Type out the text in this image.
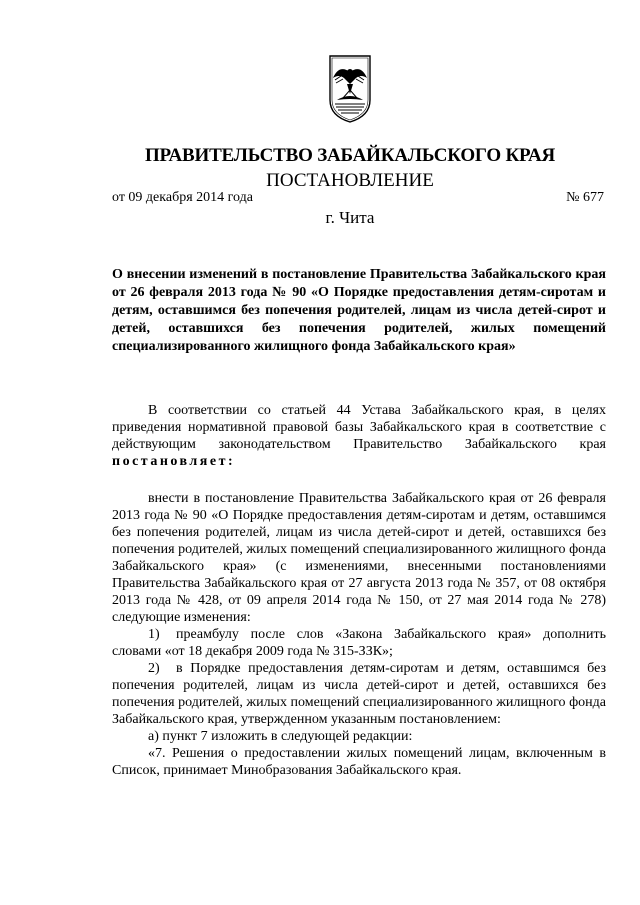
ПРАВИТЕЛЬСТВО ЗАБАЙКАЛЬСКОГО КРАЯ
ПОСТАНОВЛЕНИЕ
от 09 декабря 2014 года	№ 677
г. Чита
О внесении изменений в постановление Правительства Забайкальского края от 26 февраля 2013 года № 90 «О Порядке предоставления детям-сиротам и детям, оставшимся без попечения родителей, лицам из числа детей-сирот и детей, оставшихся без попечения родителей, жилых помещений специализированного жилищного фонда Забайкальского края»

В соответствии со статьей 44 Устава Забайкальского края, в целях приведения нормативной правовой базы Забайкальского края в соответствие с действующим законодательством Правительство Забайкальского края постановляет:

внести в постановление Правительства Забайкальского края от 26 февраля 2013 года № 90 «О Порядке предоставления детям-сиротам и детям, оставшимся без попечения родителей, лицам из числа детей-сирот и детей, оставшихся без попечения родителей, жилых помещений специализированного жилищного фонда Забайкальского края» (с изменениями, внесенными постановлениями Правительства Забайкальского края от 27 августа 2013 года № 357, от 08 октября 2013 года № 428, от 09 апреля 2014 года № 150, от 27 мая 2014 года № 278) следующие изменения:

1) преамбулу после слов «Закона Забайкальского края» дополнить словами «от 18 декабря 2009 года № 315-ЗЗК»;

2) в Порядке предоставления детям-сиротам и детям, оставшимся без попечения родителей, лицам из числа детей-сирот и детей, оставшихся без попечения родителей, жилых помещений специализированного жилищного фонда Забайкальского края, утвержденном указанным постановлением:

а) пункт 7 изложить в следующей редакции:

«7. Решения о предоставлении жилых помещений лицам, включенным в Список, принимает Минобразования Забайкальского края.
